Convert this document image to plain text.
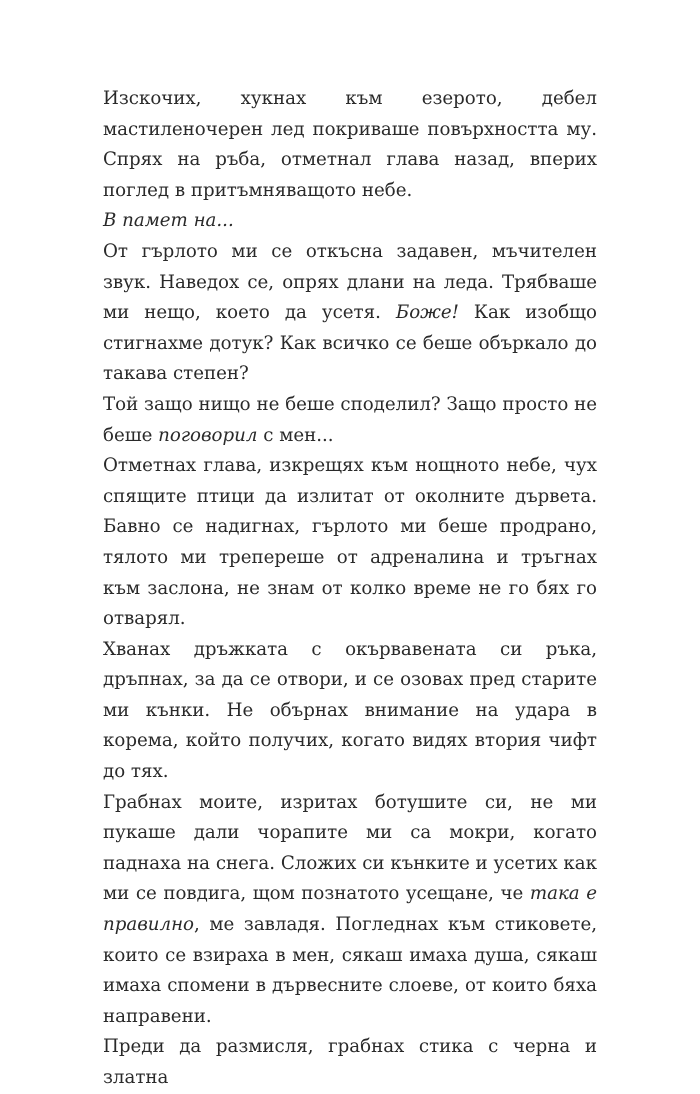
Изскочих, хукнах към езерото, дебел мастиленочерен лед покриваше повърхността му. Спрях на ръба, отметнал глава назад, вперих поглед в притъмняващото небе.

В памет на...

От гърлото ми се откъсна задавен, мъчителен звук. Наведох се, опрях длани на леда. Трябваше ми нещо, което да усетя. Боже! Как изобщо стигнахме дотук? Как всичко се беше объркало до такава степен?

Той защо нищо не беше споделил? Защо просто не беше поговорил с мен...

Отметнах глава, изкрещях към нощното небе, чух спящите птици да излитат от околните дървета. Бавно се надигнах, гърлото ми беше продрано, тялото ми трепереше от адреналина и тръгнах към заслона, не знам от колко време не го бях го отварял.

Хванах дръжката с окървавената си ръка, дръпнах, за да се отвори, и се озовах пред старите ми кънки. Не обърнах внимание на удара в корема, който получих, когато видях втория чифт до тях.

Грабнах моите, изритах ботушите си, не ми пукаше дали чорапите ми са мокри, когато паднаха на снега. Сложих си кънките и усетих как ми се повдига, щом познатото усещане, че така е правилно, ме завладя. Погледнах към стиковете, които се взираха в мен, сякаш имаха душа, сякаш имаха спомени в дървесните слоеве, от които бяха направени.

Преди да размисля, грабнах стика с черна и златна
